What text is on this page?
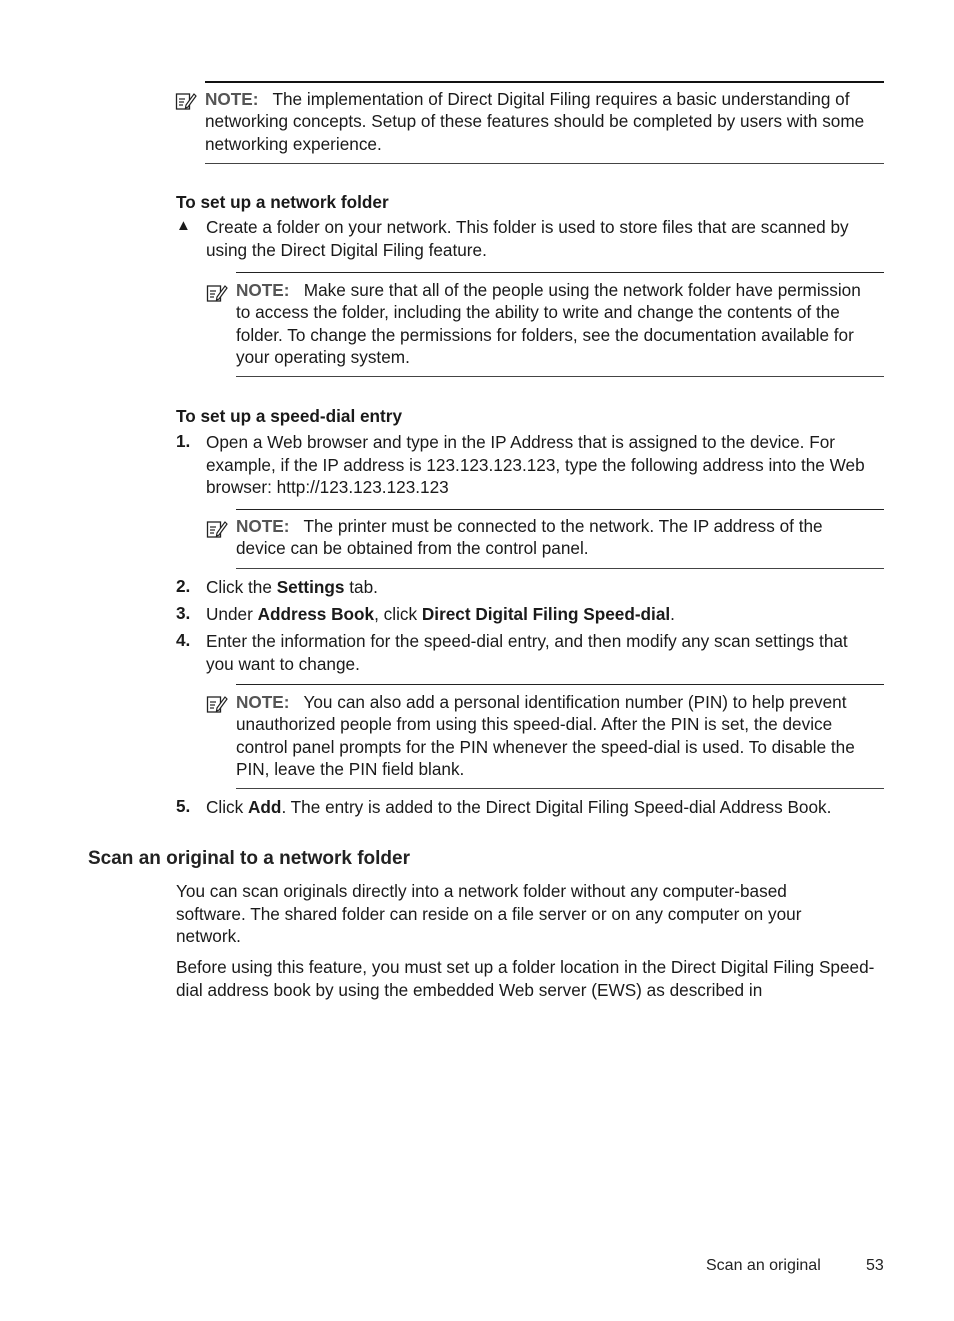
NOTE: The implementation of Direct Digital Filing requires a basic understanding of networking concepts. Setup of these features should be completed by users with some networking experience.
To set up a network folder
▲ Create a folder on your network. This folder is used to store files that are scanned by using the Direct Digital Filing feature.
NOTE: Make sure that all of the people using the network folder have permission to access the folder, including the ability to write and change the contents of the folder. To change the permissions for folders, see the documentation available for your operating system.
To set up a speed-dial entry
1. Open a Web browser and type in the IP Address that is assigned to the device. For example, if the IP address is 123.123.123.123, type the following address into the Web browser: http://123.123.123.123
NOTE: The printer must be connected to the network. The IP address of the device can be obtained from the control panel.
2. Click the Settings tab.
3. Under Address Book, click Direct Digital Filing Speed-dial.
4. Enter the information for the speed-dial entry, and then modify any scan settings that you want to change.
NOTE: You can also add a personal identification number (PIN) to help prevent unauthorized people from using this speed-dial. After the PIN is set, the device control panel prompts for the PIN whenever the speed-dial is used. To disable the PIN, leave the PIN field blank.
5. Click Add. The entry is added to the Direct Digital Filing Speed-dial Address Book.
Scan an original to a network folder
You can scan originals directly into a network folder without any computer-based software. The shared folder can reside on a file server or on any computer on your network.
Before using this feature, you must set up a folder location in the Direct Digital Filing Speed-dial address book by using the embedded Web server (EWS) as described in
Scan an original	53
